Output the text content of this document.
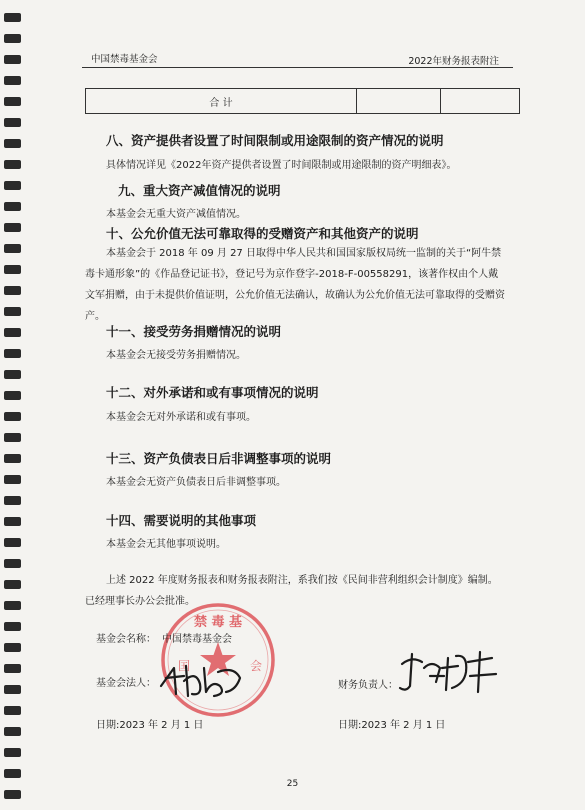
中国禁毒基金会	2022年财务报表附注
合 计		
八、资产提供者设置了时间限制或用途限制的资产情况的说明
具体情况详见《2022年资产提供者设置了时间限制或用途限制的资产明细表》。
九、重大资产减值情况的说明
本基金会无重大资产减值情况。
十、公允价值无法可靠取得的受赠资产和其他资产的说明
本基金会于 2018 年 09 月 27 日取得中华人民共和国国家版权局统一监制的关于“阿牛禁毒卡通形象”的《作品登记证书》，登记号为京作登字-2018-F-00558291，该著作权由个人戴文军捐赠，由于未提供价值证明，公允价值无法确认，故确认为公允价值无法可靠取得的受赠资产。
十一、接受劳务捐赠情况的说明
本基金会无接受劳务捐赠情况。
十二、对外承诺和或有事项情况的说明
本基金会无对外承诺和或有事项。
十三、资产负债表日后非调整事项的说明
本基金会无资产负债表日后非调整事项。
十四、需要说明的其他事项
本基金会无其他事项说明。
上述 2022 年度财务报表和财务报表附注，系我们按《民间非营利组织会计制度》编制。已经理事长办公会批准。
禁 毒 基
国	会
基金会名称： 中国禁毒基金会
基金会法人：	财务负责人：
日期:2023 年 2 月 1 日	日期:2023 年 2 月 1 日
25
